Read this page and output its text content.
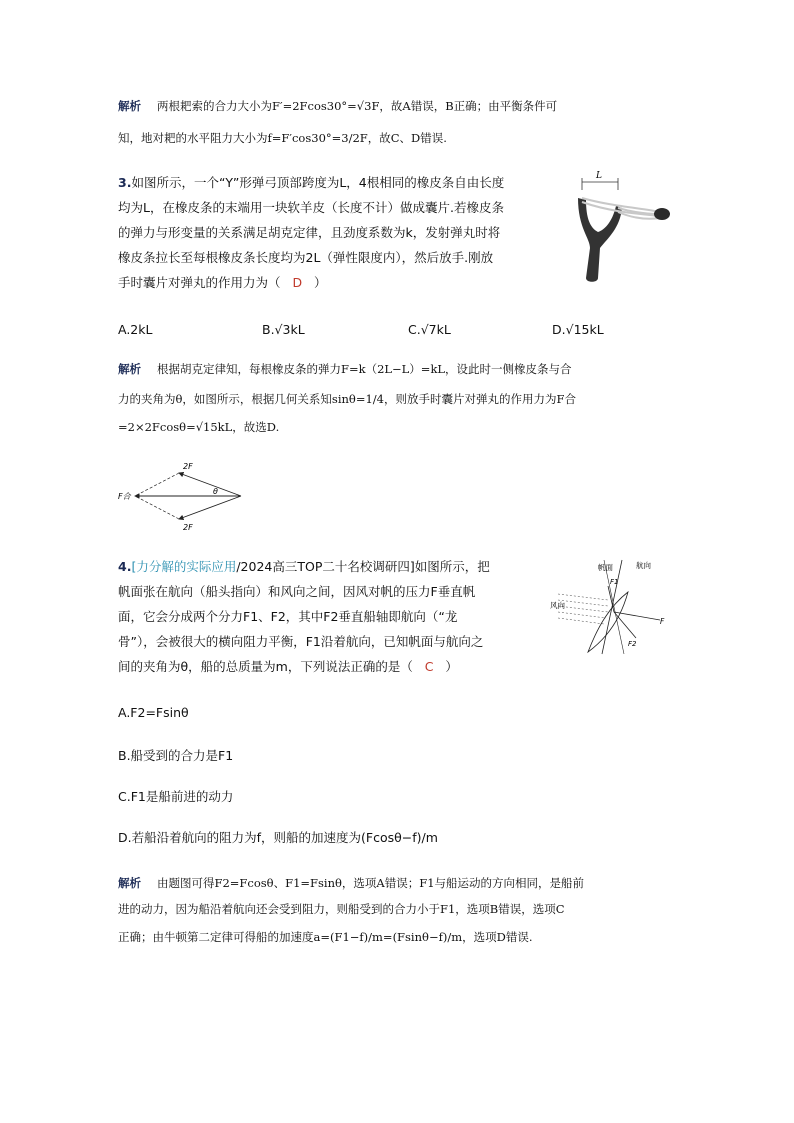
解析 两根耙索的合力大小为F′=2Fcos30°=√3F，故A错误，B正确；由平衡条件可
知，地对耙的水平阻力大小为f=F′cos30°=3/2F，故C、D错误.
3.如图所示，一个“Y”形弹弓顶部跨度为L，4根相同的橡皮条自由长度
均为L，在橡皮条的末端用一块软羊皮（长度不计）做成囊片.若橡皮条
的弹力与形变量的关系满足胡克定律，且劲度系数为k，发射弹丸时将
橡皮条拉长至每根橡皮条长度均为2L（弹性限度内），然后放手.刚放
手时囊片对弹丸的作用力为（ D ）
L
A.2kL	B.√3kL	C.√7kL	D.√15kL
解析 根据胡克定律知，每根橡皮条的弹力F=k（2L−L）=kL，设此时一侧橡皮条与合
力的夹角为θ，如图所示，根据几何关系知sinθ=1/4，则放手时囊片对弹丸的作用力为F合
=2×2Fcosθ=√15kL，故选D.
2F
2F
F合
θ
4.[力分解的实际应用/2024高三TOP二十名校调研四]如图所示，把
帆面张在航向（船头指向）和风向之间，因风对帆的压力F垂直帆
面，它会分成两个分力F1、F2，其中F2垂直船轴即航向（“龙
骨”），会被很大的横向阻力平衡，F1沿着航向，已知帆面与航向之
间的夹角为θ，船的总质量为m，下列说法正确的是（ C ）
帆面	航向
风向
F
F1
F2
A.F2=Fsinθ
B.船受到的合力是F1
C.F1是船前进的动力
D.若船沿着航向的阻力为f，则船的加速度为(Fcosθ−f)/m
解析 由题图可得F2=Fcosθ、F1=Fsinθ，选项A错误；F1与船运动的方向相同，是船前
进的动力，因为船沿着航向还会受到阻力，则船受到的合力小于F1，选项B错误，选项C
正确；由牛顿第二定律可得船的加速度a=(F1−f)/m=(Fsinθ−f)/m，选项D错误.
